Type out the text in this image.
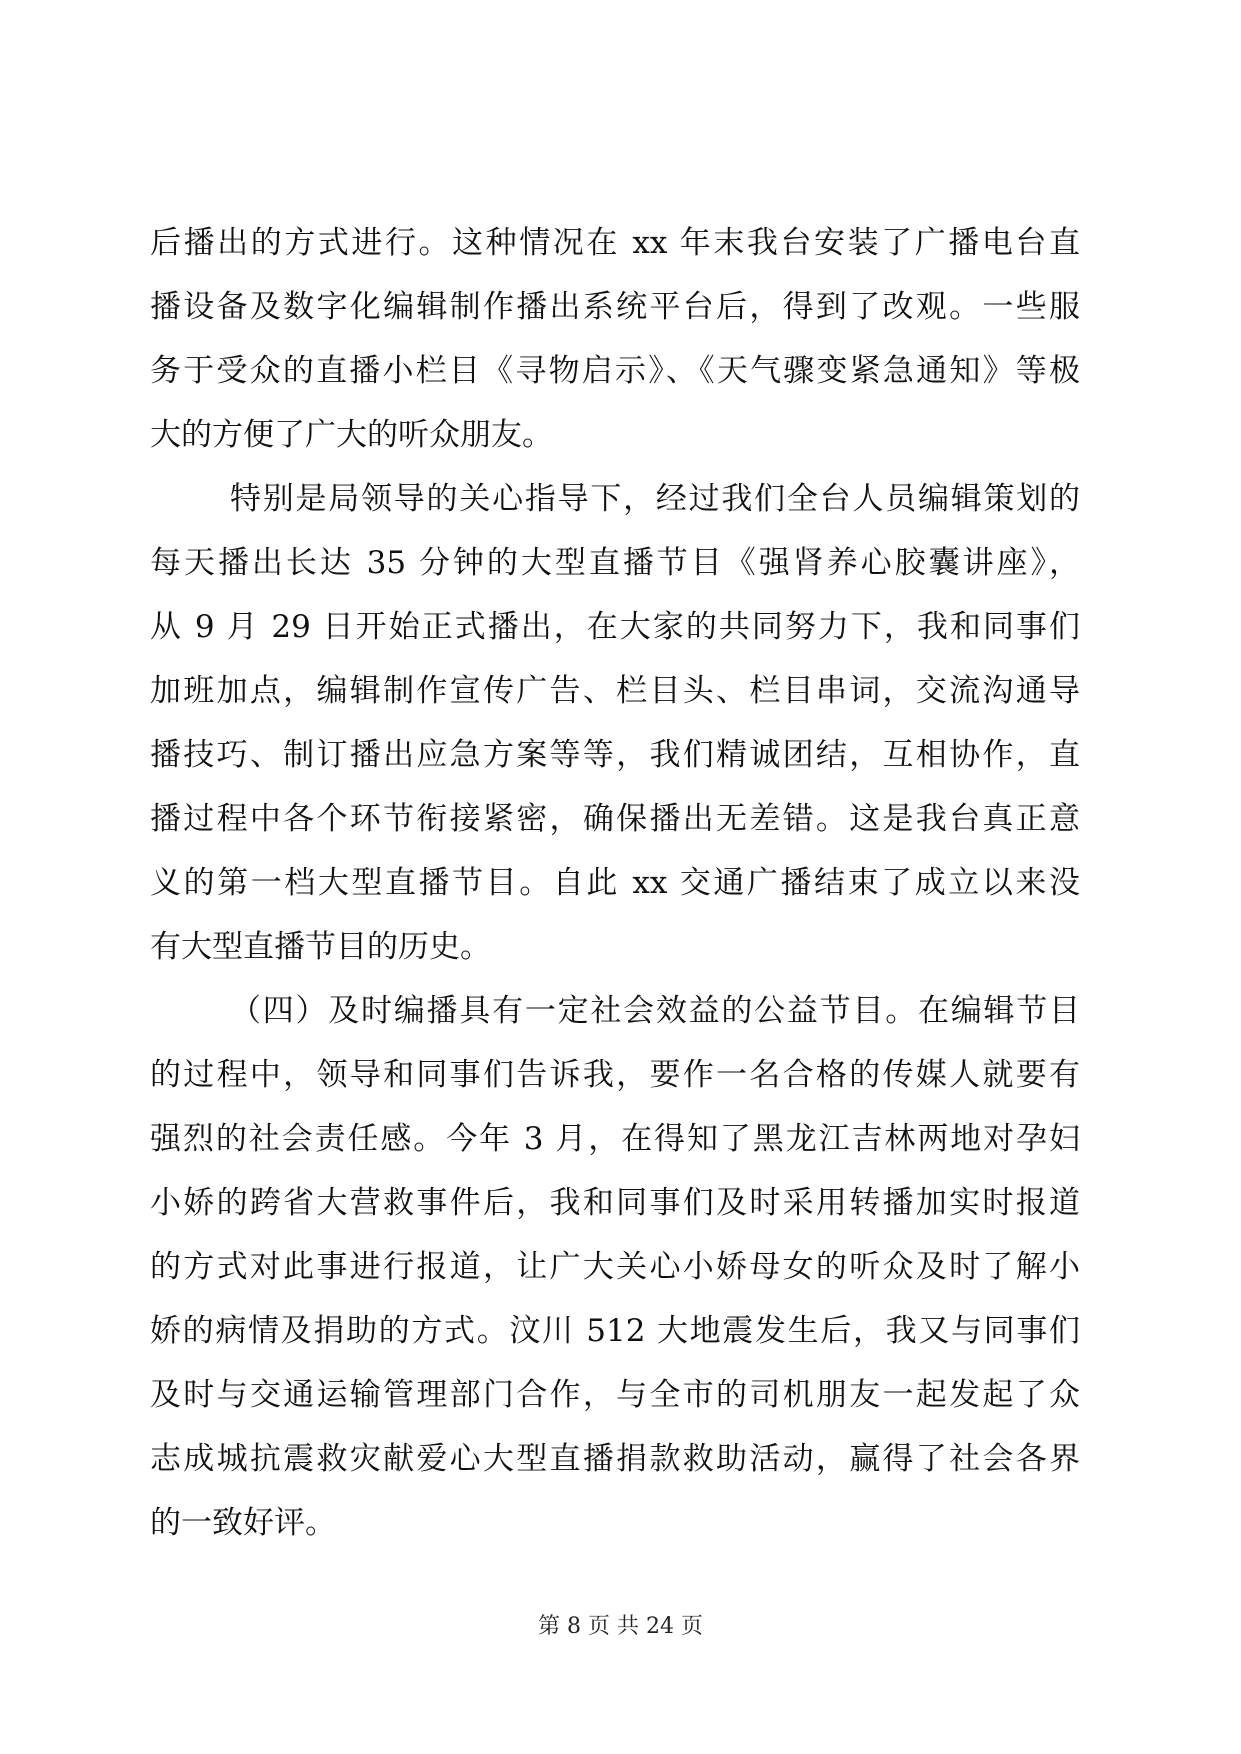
后播出的方式进行。这种情况在 xx 年末我台安装了广播电台直
播设备及数字化编辑制作播出系统平台后，得到了改观。一些服
务于受众的直播小栏目《寻物启示》、《天气骤变紧急通知》等极
大的方便了广大的听众朋友。
特别是局领导的关心指导下，经过我们全台人员编辑策划的
每天播出长达 35 分钟的大型直播节目《强肾养心胶囊讲座》，
从 9 月 29 日开始正式播出，在大家的共同努力下，我和同事们
加班加点，编辑制作宣传广告、栏目头、栏目串词，交流沟通导
播技巧、制订播出应急方案等等，我们精诚团结，互相协作，直
播过程中各个环节衔接紧密，确保播出无差错。这是我台真正意
义的第一档大型直播节目。自此 xx 交通广播结束了成立以来没
有大型直播节目的历史。
（四）及时编播具有一定社会效益的公益节目。在编辑节目
的过程中，领导和同事们告诉我，要作一名合格的传媒人就要有
强烈的社会责任感。今年 3 月，在得知了黑龙江吉林两地对孕妇
小娇的跨省大营救事件后，我和同事们及时采用转播加实时报道
的方式对此事进行报道，让广大关心小娇母女的听众及时了解小
娇的病情及捐助的方式。汶川 512 大地震发生后，我又与同事们
及时与交通运输管理部门合作，与全市的司机朋友一起发起了众
志成城抗震救灾献爱心大型直播捐款救助活动，赢得了社会各界
的一致好评。
第 8 页 共 24 页
